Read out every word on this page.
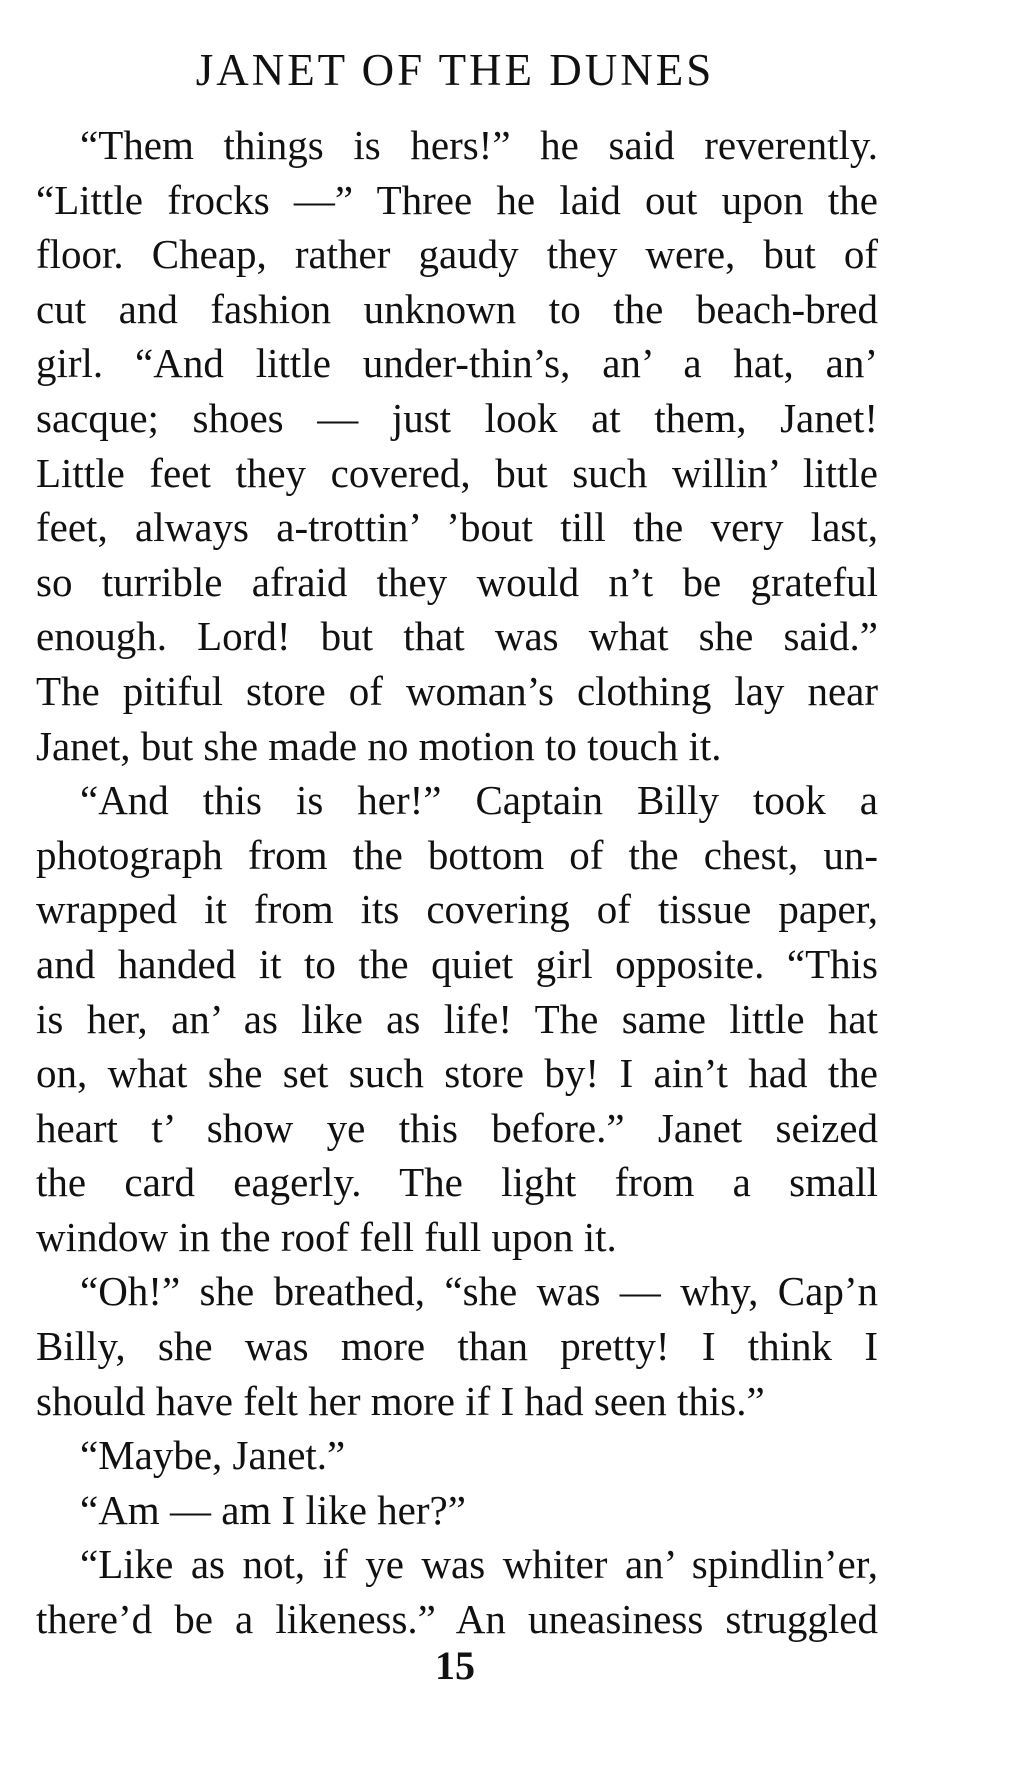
JANET OF THE DUNES
“Them things is hers!” he said reverently.
“Little frocks —” Three he laid out upon the
floor. Cheap, rather gaudy they were, but of
cut and fashion unknown to the beach-bred
girl. “And little under-thin’s, an’ a hat, an’
sacque; shoes — just look at them, Janet!
Little feet they covered, but such willin’ little
feet, always a-trottin’ ’bout till the very last,
so turrible afraid they would n’t be grateful
enough. Lord! but that was what she said.”
The pitiful store of woman’s clothing lay near
Janet, but she made no motion to touch it.
“And this is her!” Captain Billy took a
photograph from the bottom of the chest, un-
wrapped it from its covering of tissue paper,
and handed it to the quiet girl opposite. “This
is her, an’ as like as life! The same little hat
on, what she set such store by! I ain’t had the
heart t’ show ye this before.” Janet seized
the card eagerly. The light from a small
window in the roof fell full upon it.
“Oh!” she breathed, “she was — why, Cap’n
Billy, she was more than pretty! I think I
should have felt her more if I had seen this.”
“Maybe, Janet.”
“Am — am I like her?”
“Like as not, if ye was whiter an’ spindlin’er,
there’d be a likeness.” An uneasiness struggled
15
